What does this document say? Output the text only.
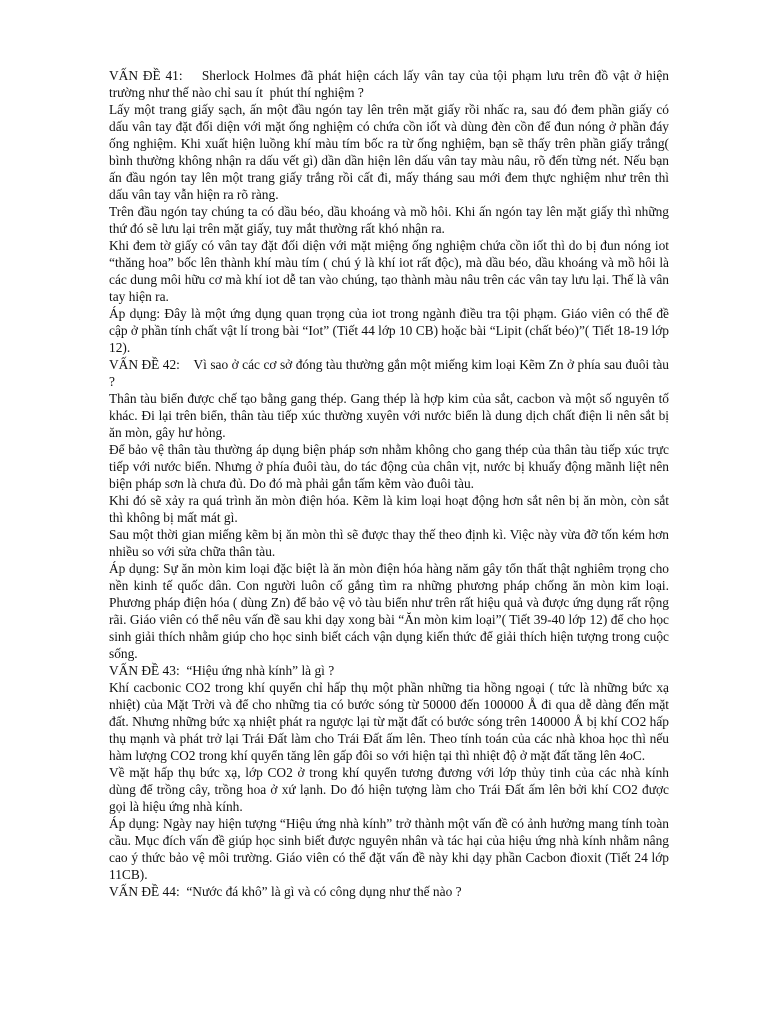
VẤN ĐỀ 41:    Sherlock Holmes đã phát hiện cách lấy vân tay của tội phạm lưu trên đồ vật ở hiện trường như thế nào chỉ sau ít  phút thí nghiệm ?

Lấy một trang giấy sạch, ấn một đầu ngón tay lên trên mặt giấy rồi nhấc ra, sau đó đem phần giấy có dấu vân tay đặt đối diện với mặt ống nghiệm có chứa cồn iốt và dùng đèn cồn để đun nóng ở phần đáy ống nghiệm. Khi xuất hiện luồng khí màu tím bốc ra từ ống nghiệm, bạn sẽ thấy trên phần giấy trắng( bình thường không nhận ra dấu vết gì) dần dần hiện lên dấu vân tay màu nâu, rõ đến từng nét. Nếu bạn ấn đầu ngón tay lên một trang giấy trắng rồi cất đi, mấy tháng sau mới đem thực nghiệm như trên thì dấu vân tay vẫn hiện ra rõ ràng.

Trên đầu ngón tay chúng ta có dầu béo, dầu khoáng và mồ hôi. Khi ấn ngón tay lên mặt giấy thì những thứ đó sẽ lưu lại trên mặt giấy, tuy mắt thường rất khó nhận ra.

Khi đem tờ giấy có vân tay đặt đối diện với mặt miệng ống nghiệm chứa cồn iốt thì do bị đun nóng iot “thăng hoa” bốc lên thành khí màu tím ( chú ý là khí iot rất độc), mà dầu béo, dầu khoáng và mồ hôi là các dung môi hữu cơ mà khí iot dễ tan vào chúng, tạo thành màu nâu trên các vân tay lưu lại. Thế là vân tay hiện ra.

Áp dụng: Đây là một ứng dụng quan trọng của iot trong ngành điều tra tội phạm. Giáo viên có thể đề cập ở phần tính chất vật lí trong bài “Iot” (Tiết 44 lớp 10 CB) hoặc bài “Lipit (chất béo)”( Tiết 18-19 lớp 12).

VẤN ĐỀ 42:    Vì sao ở các cơ sở đóng tàu thường gắn một miếng kim loại Kẽm Zn ở phía sau đuôi tàu ?

Thân tàu biển được chế tạo bằng gang thép. Gang thép là hợp kim của sắt, cacbon và một số nguyên tố khác. Đi lại trên biển, thân tàu tiếp xúc thường xuyên với nước biển là dung dịch chất điện li nên sắt bị ăn mòn, gây hư hỏng.

Để bảo vệ thân tàu thường áp dụng biện pháp sơn nhằm không cho gang thép của thân tàu tiếp xúc trực tiếp với nước biển. Nhưng ở phía đuôi tàu, do tác động của chân vịt, nước bị khuấy động mãnh liệt nên biện pháp sơn là chưa đủ. Do đó mà phải gắn tấm kẽm vào đuôi tàu.

Khi đó sẽ xảy ra quá trình ăn mòn điện hóa. Kẽm là kim loại hoạt động hơn sắt nên bị ăn mòn, còn sắt thì không bị mất mát gì.

Sau một thời gian miếng kẽm bị ăn mòn thì sẽ được thay thế theo định kì. Việc này vừa đỡ tốn kém hơn nhiều so với sửa chữa thân tàu.

Áp dụng: Sự ăn mòn kim loại đặc biệt là ăn mòn điện hóa hàng năm gây tổn thất thật nghiêm trọng cho nền kinh tế quốc dân. Con người luôn cố gắng tìm ra những phương pháp chống ăn mòn kim loại. Phương pháp điện hóa ( dùng Zn) để bảo vệ vỏ tàu biển như trên rất hiệu quả và được ứng dụng rất rộng rãi. Giáo viên có thể nêu vấn đề sau khi dạy xong bài “Ăn mòn kim loại”( Tiết 39-40 lớp 12) để cho học sinh giải thích nhằm giúp cho học sinh biết cách vận dụng kiến thức để giải thích hiện tượng trong cuộc sống.

VẤN ĐỀ 43:  “Hiệu ứng nhà kính” là gì ?

Khí cacbonic CO2 trong khí quyển chỉ hấp thụ một phần những tia hồng ngoại ( tức là những bức xạ nhiệt) của Mặt Trời và để cho những tia có bước sóng từ 50000 đến 100000 Å đi qua dễ dàng đến mặt đất. Nhưng những bức xạ nhiệt phát ra ngược lại từ mặt đất có bước sóng trên 140000 Å bị khí CO2 hấp thụ mạnh và phát trở lại Trái Đất làm cho Trái Đất ấm lên. Theo tính toán của các nhà khoa học thì nếu hàm lượng CO2 trong khí quyển tăng lên gấp đôi so với hiện tại thì nhiệt độ ở mặt đất tăng lên 4oC.

Về mặt hấp thụ bức xạ, lớp CO2 ở trong khí quyển tương đương với lớp thủy tinh của các nhà kính dùng để trồng cây, trồng hoa ở xứ lạnh. Do đó hiện tượng làm cho Trái Đất ấm lên bởi khí CO2 được gọi là hiệu ứng nhà kính.

Áp dụng: Ngày nay hiện tượng “Hiệu ứng nhà kính” trở thành một vấn đề có ảnh hưởng mang tính toàn cầu. Mục đích vấn đề giúp học sinh biết được nguyên nhân và tác hại của hiệu ứng nhà kính nhằm nâng cao ý thức bảo vệ môi trường. Giáo viên có thể đặt vấn đề này khi dạy phần Cacbon đioxit (Tiết 24 lớp 11CB).

VẤN ĐỀ 44:  “Nước đá khô” là gì và có công dụng như thế nào ?
